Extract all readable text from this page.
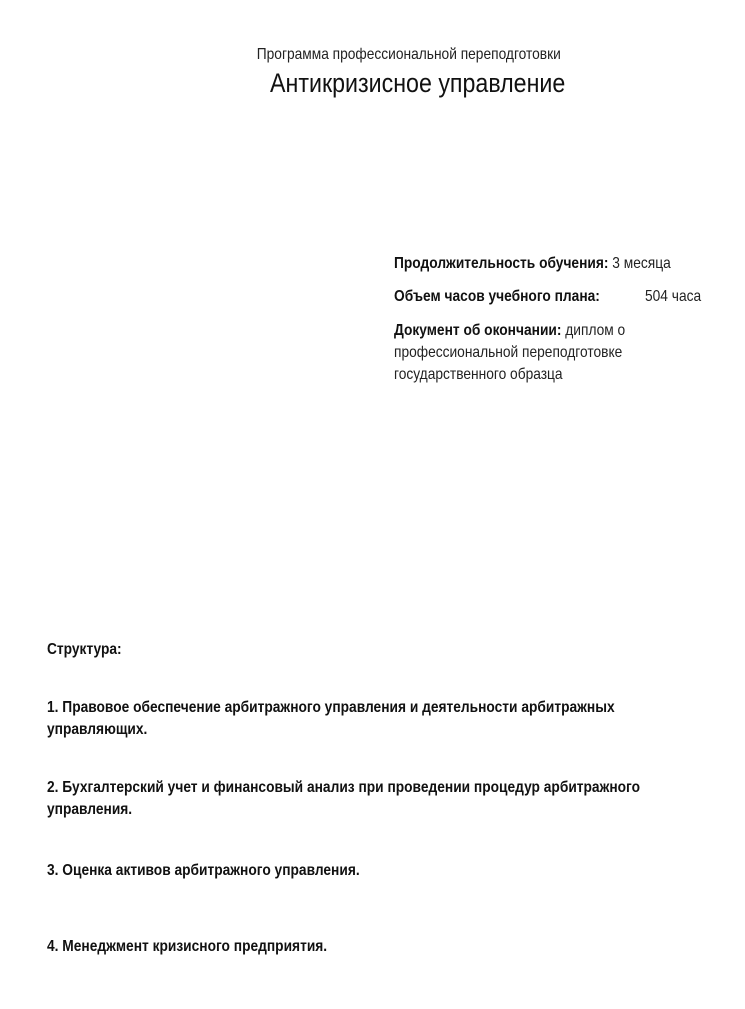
Программа профессиональной переподготовки
Антикризисное управление
Продолжительность обучения: 3 месяца
Объем часов учебного плана:	504 часа
Документ об окончании: диплом о
профессиональной переподготовке
государственного образца
Структура:
1. Правовое обеспечение арбитражного управления и деятельности арбитражных
управляющих.
2. Бухгалтерский учет и финансовый анализ при проведении процедур арбитражного
управления.
3. Оценка активов арбитражного управления.
4. Менеджмент кризисного предприятия.
